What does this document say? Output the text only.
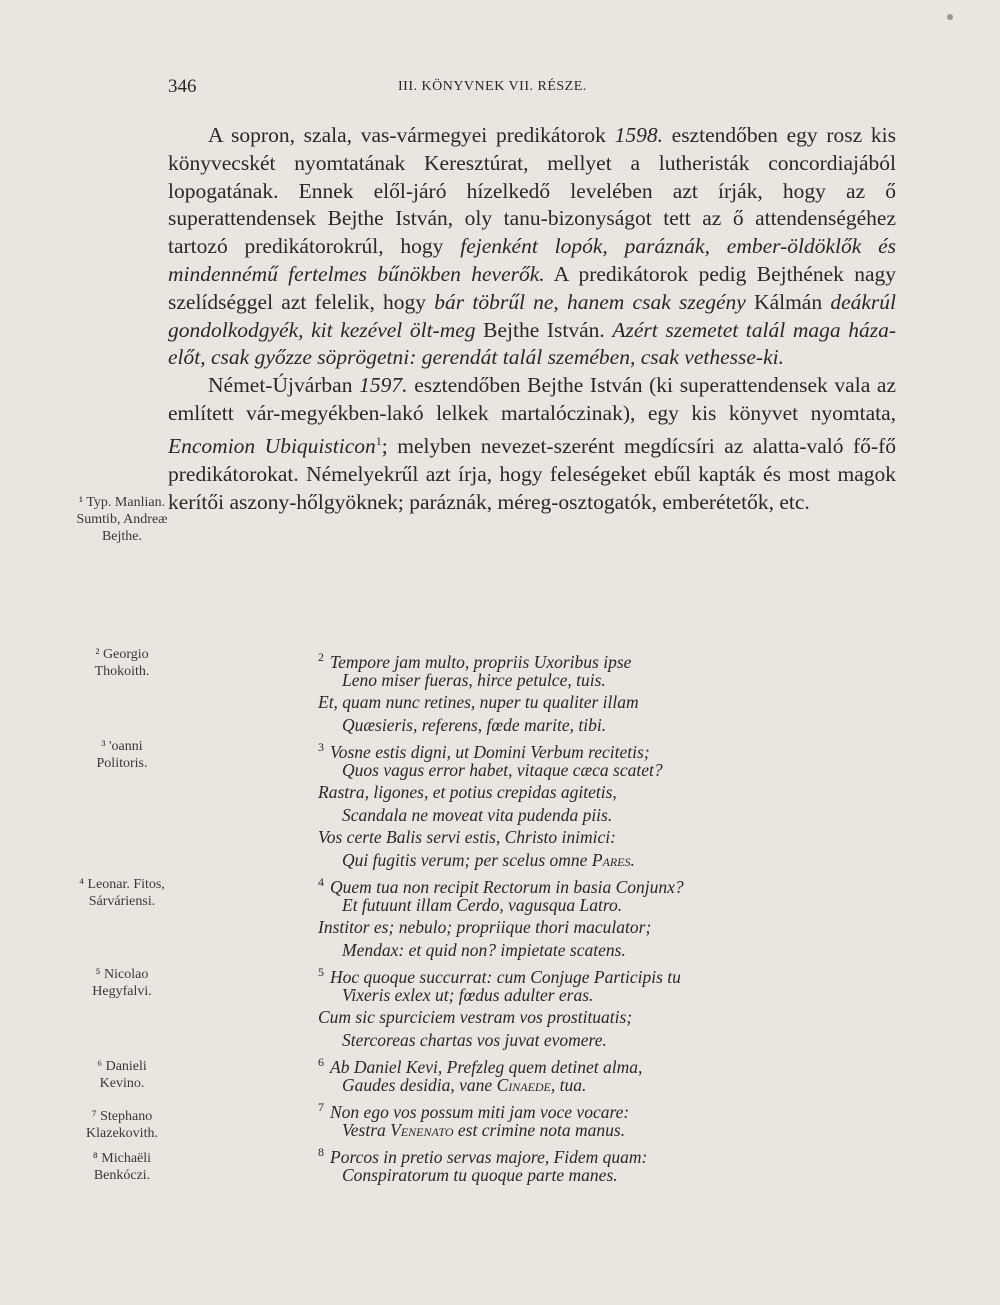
346	III. KÖNYVNEK VII. RÉSZE.

A sopron, szala, vas-vármegyei predikátorok 1598. esztendőben egy rosz kis könyvecskét nyomtatának Keresztúrat, mellyet a lutheristák concordiajából lopogatának. Ennek elől-járó hízelkedő levelében azt írják, hogy az ő superattendensek Bejthe István, oly tanu-bizonyságot tett az ő attendenségéhez tartozó predikátorokrúl, hogy fejenként lopók, paráznák, ember-öldöklők és mindennémű fertelmes bűnökben heverők. A predikátorok pedig Bejthének nagy szelídséggel azt felelik, hogy bár töbrűl ne, hanem csak szegény Kálmán deákrúl gondolkodgyék, kit kezével ölt-meg Bejthe István. Azért szemetet talál maga háza-előt, csak győzze söprögetni: gerendát talál szemében, csak vethesse-ki.

Német-Újvárban 1597. esztendőben Bejthe István (ki superattendensek vala az említett vár-megyékben-lakó lelkek martalóczinak), egy kis könyvet nyomtata, Encomion Ubiquisticon$^1$; melyben nevezet-szerént megdícsíri az alatta-való fő-fő predikátorokat. Némelyekrűl azt írja, hogy feleségeket ebűl kapták és most magok kerítői aszony-hőlgyöknek; paráznák, méreg-osztogatók, emberétetők, etc.

¹ Typ. Manlian. Sumtib, Andreæ Bejthe.
² Georgio Thokoith.
³ 'oanni Politoris.
⁴ Leonar. Fitos, Sárváriensi.
⁵ Nicolao Hegyfalvi.
⁶ Danieli Kevino.
⁷ Stephano Klazekovith.
⁸ Michaëli Benkóczi.
$^2$ Tempore jam multo, propriis Uxoribus ipse
Leno miser fueras, hirce petulce, tuis.
Et, quam nunc retines, nuper tu qualiter illam
Quæsieris, referens, fœde marite, tibi.
$^3$ Vosne estis digni, ut Domini Verbum recitetis;
Quos vagus error habet, vitaque cæca scatet?
Rastra, ligones, et potius crepidas agitetis,
Scandala ne moveat vita pudenda piis.
Vos certe Balis servi estis, Christo inimici:
Qui fugitis verum; per scelus omne Pares.
$^4$ Quem tua non recipit Rectorum in basia Conjunx?
Et futuunt illam Cerdo, vagusqua Latro.
Institor es; nebulo; propriique thori maculator;
Mendax: et quid non? impietate scatens.
$^5$ Hoc quoque succurrat: cum Conjuge Participis tu
Vixeris exlex ut; fœdus adulter eras.
Cum sic spurciciem vestram vos prostituatis;
Stercoreas chartas vos juvat evomere.
$^6$ Ab Daniel Kevi, Prefzleg quem detinet alma,
Gaudes desidia, vane Cinaede, tua.
$^7$ Non ego vos possum miti jam voce vocare:
Vestra Venenato est crimine nota manus.
$^8$ Porcos in pretio servas majore, Fidem quam:
Conspiratorum tu quoque parte manes.
